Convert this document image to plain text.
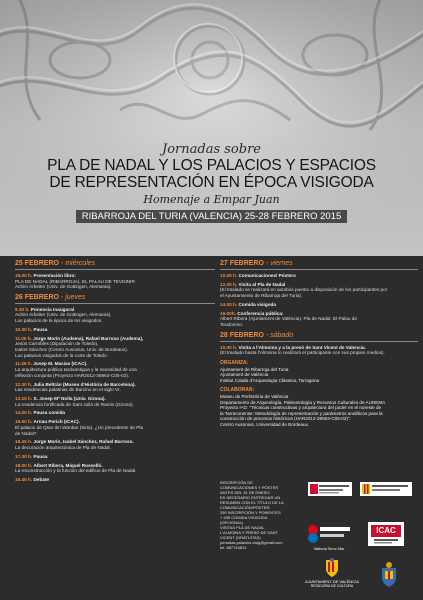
Jornadas sobre
PLA DE NADAL Y LOS PALACIOS Y ESPACIOS
DE REPRESENTACIÓN EN ÉPOCA VISIGODA
Homenaje a Empar Juan
RIBARROJA DEL TURIA (VALENCIA) 25-28 FEBRERO 2015
25 FEBRERO - miércoles
19.00 h. Presentación libro:
PLA DE NADAL (RIBARROJA). EL PALAU DE TEVDINIR
Achim Arbeiter (Univ. de Gottingen, Alemania).
26 FEBRERO - jueves
9.30 h. Ponencia Inaugural
Achim Arbeiter (Univ. de Gottingen, Alemania).
Los palacios de la época de los visigodos.
10.30 h. Pausa
11.00 h. Jorge Morín (Audema), Rafael Barroso (Audema),
Jesús Carrobles (Diputación de Toledo),
Isabel Sánchez (Centro Ausonius, Univ. de Bordeaux).
Los palacios visigodos de la corte de Toledo.
11.45 h. Josep M. Macias (ICAC).
La arquitectura pública tardoantigua y la necesidad de una
reflexión conjunta (Proyecto HAR2012-36963-C05-02).
12.30 h. Julia Beltrán (Museu d'Història de Barcelona).
Las residencias palatinas de Barcino en el siglo VI.
13.15 h. S. Josep Mª Nolla (Univ. Girona).
La residencia fortificada de Sant Julià de Ramis (Girona).
14.00 h. Pausa comida
16.00 h. Arnau Perich (ICAC).
El palacio de Qsar ibn Wardan (Siria). ¿Un precedente de Pla
de Nadal?
16.45 h. Jorge Morín, Isabel Sánchez, Rafael Barroso.
La decoración arquitectónica de Pla de Nadal.
17.30 h. Pausa
18.00 h. Albert Ribera, Miquel Rosselló.
La reconstrucción y la función del edificio de Pla de Nadal.
18.45 h. Debate
27 FEBRERO - viernes
10.00 h. Comunicaciones/ Pósters
12.00 h. Visita al Pla de Nadal
(El traslado se realizará en autobús puesto a disposición de los participantes por
el Ayuntamiento de Ribarroja del Turia).
14.00 h. Comida visigoda
19.00h. Conferencia pública:
Albert Ribera (Ajuntament de València). Pla de Nadal. El Palau de
Teodomiro.
28 FEBRERO - sábado
10.00 h. Visita a l'Almoina y a la presó de Sant Vicent de Valencia.
(El traslado hasta l'Almoina lo realizará el participante con sus propios medios).
ORGANIZA:
Ajuntament de Ribarroja del Turia
Ajuntament de València
Institut Català d'Arqueologia Clàssica, Tarragona
COLABORAN:
Museu de Prehistòria de València
Departamento de Arqueología, Paleontología y Recursos Culturales de AUDEMA
Proyecto I+D: "Técnicas constructivas y arquitectura del poder en el noreste de
la Tarraconense: Metodología de representación y parámetros analíticos para la
construcción de procesos históricos (HAR2012-36963-C05-02)".
Centro Ausonius, Universidad de Bordeaux.
INSCRIPCIÓN DE
COMUNICACIONES Y PÓSTER
ANTES DEL 31 DE ENERO.
ES NECESARIO ENTREGAR UN
RESUMEN CON EL TÍTULO DE LA
COMUNICACIÓN/PÓSTER.
250 INSCRIPCIÓN Y PONENTES
+ 20€ COMIDA VISIGODA
(OPCIONAL)
VISITAS PLA DE NADAL
L'ALMOINA Y PRESÓ DE SANT
VICENT (GRATUITAS)
jornadas.palacios.visig@gmail.com
tel. 687744812	València Terra i Mar
ICAC
AJUNTAMENT DE VALÈNCIA
REGIDORIA DE CULTURA
